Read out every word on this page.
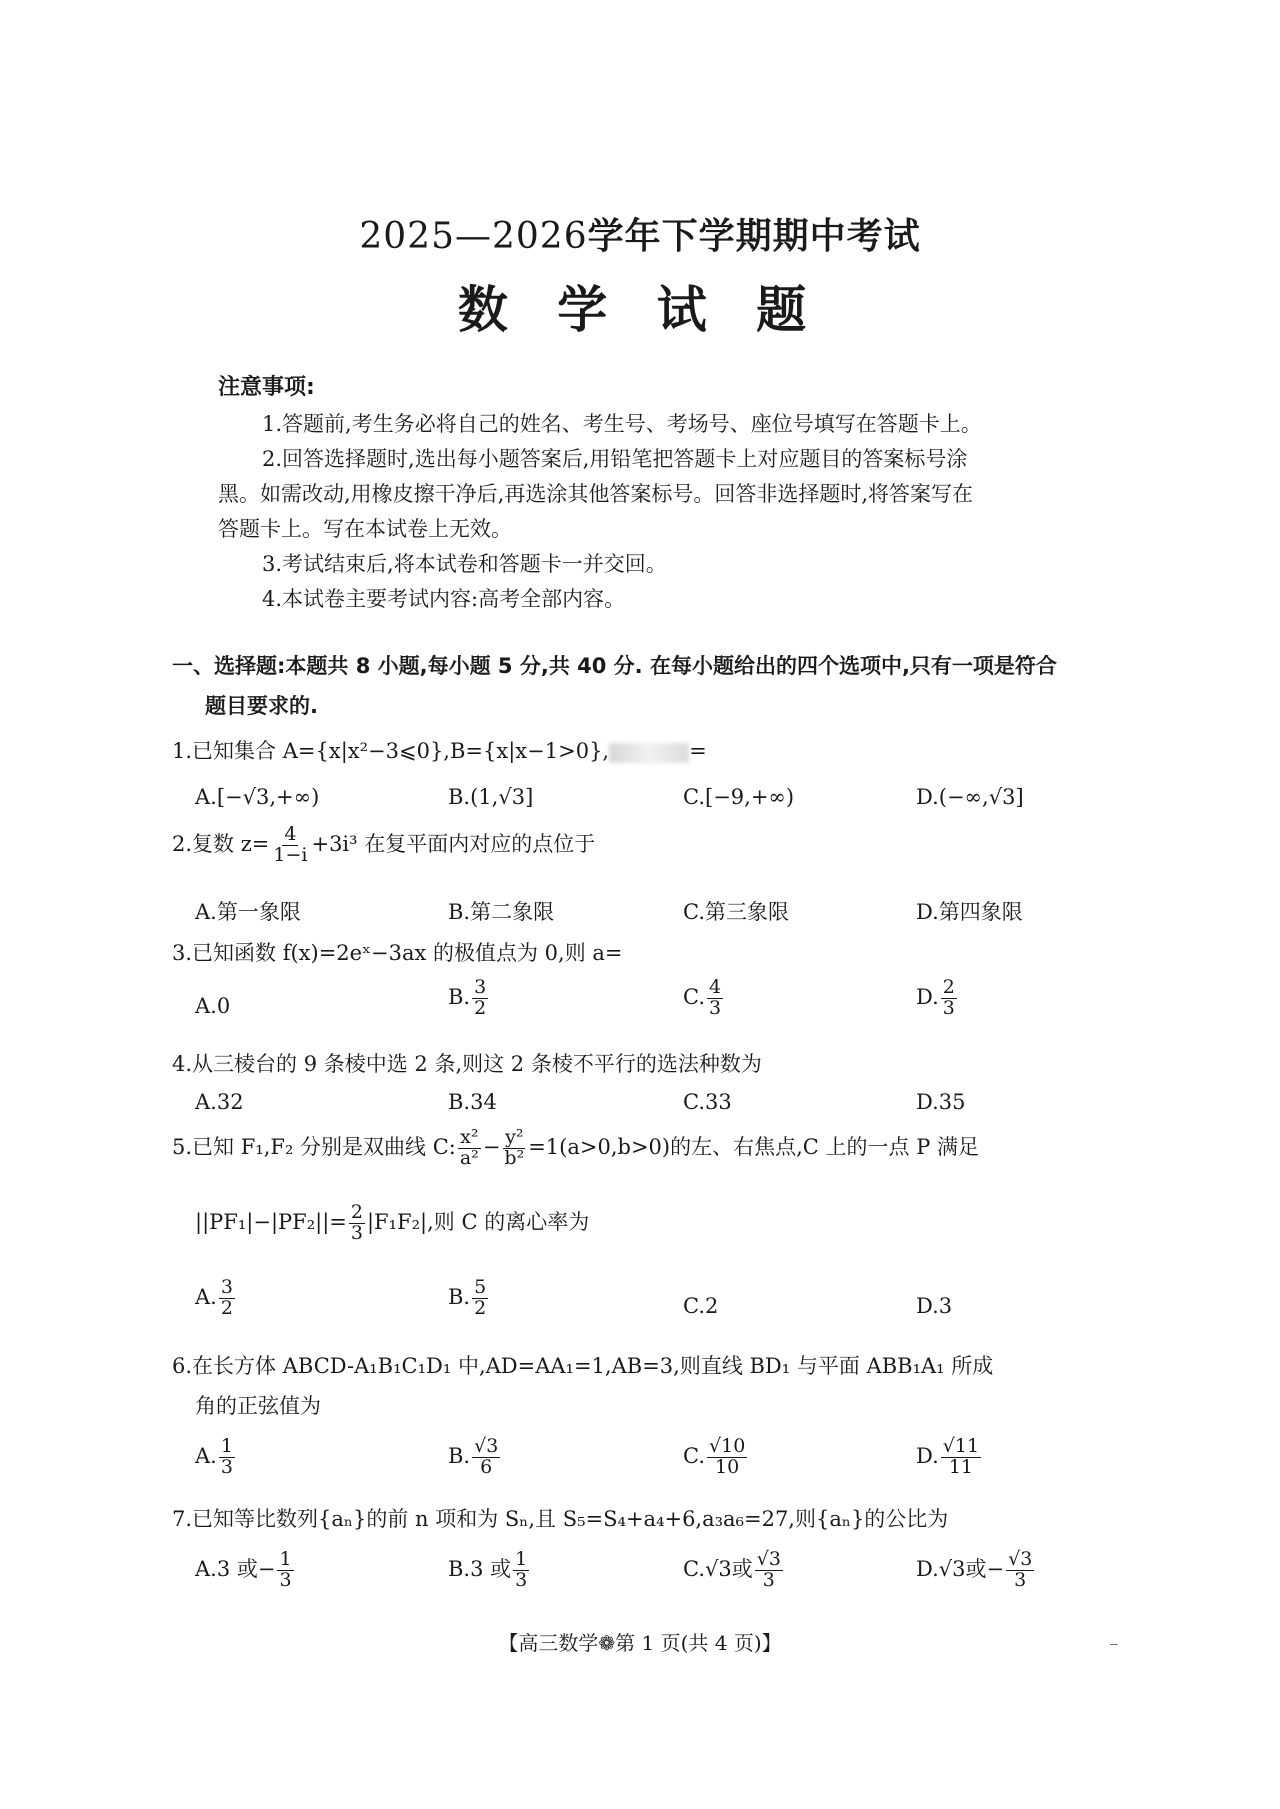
2025—2026学年下学期期中考试
数 学 试 题
注意事项:
1.答题前,考生务必将自己的姓名、考生号、考场号、座位号填写在答题卡上。
2.回答选择题时,选出每小题答案后,用铅笔把答题卡上对应题目的答案标号涂
黑。如需改动,用橡皮擦干净后,再选涂其他答案标号。回答非选择题时,将答案写在
答题卡上。写在本试卷上无效。
3.考试结束后,将本试卷和答题卡一并交回。
4.本试卷主要考试内容:高考全部内容。
一、选择题:本题共 8 小题,每小题 5 分,共 40 分. 在每小题给出的四个选项中,只有一项是符合
题目要求的.
1.已知集合 A={x|x²−3⩽0},B={x|x−1>0},	=
A.[−√3,+∞)	B.(1,√3]	C.[−9,+∞)	D.(−∞,√3]
2.复数 $z= \frac{4}{1-i} +3i^3$ 在复平面内对应的点位于
A.第一象限	B.第二象限	C.第三象限	D.第四象限
3.已知函数 f(x)=2eˣ−3ax 的极值点为 0,则 a=
A.0	B. $\frac{3}{2}$	C. $\frac{4}{3}$	D. $\frac{2}{3}$
4.从三棱台的 9 条棱中选 2 条,则这 2 条棱不平行的选法种数为
A.32	B.34	C.33	D.35
5.已知 F₁,F₂ 分别是双曲线 C: $\frac{\text{x²}}{\text{a²}} - \frac{\text{y²}}{\text{b²}} =1(a>0,b>0)$的左、右焦点,C 上的一点 P 满足
$||PF_1|-|PF_2||= \frac{2}{3} |F_1F_2|$,则 C 的离心率为
A. $\frac{3}{2}$	B. $\frac{5}{2}$	C.2	D.3
6.在长方体 ABCD-A₁B₁C₁D₁ 中,AD=AA₁=1,AB=3,则直线 BD₁ 与平面 ABB₁A₁ 所成
角的正弦值为
A. $\frac{1}{3}$	B. $\frac{√3}{6}$	C. $\frac{√10}{10}$	D. $\frac{√11}{11}$
7.已知等比数列{aₙ}的前 n 项和为 Sₙ,且 S₅=S₄+a₄+6,a₃a₆=27,则{aₙ}的公比为
A.3 或− $\frac{1}{3}$	B.3 或 $\frac{1}{3}$	C.√3或 $\frac{√3}{3}$	D.√3或− $\frac{√3}{3}$
【高三数学❁第 1 页(共 4 页)】	--
